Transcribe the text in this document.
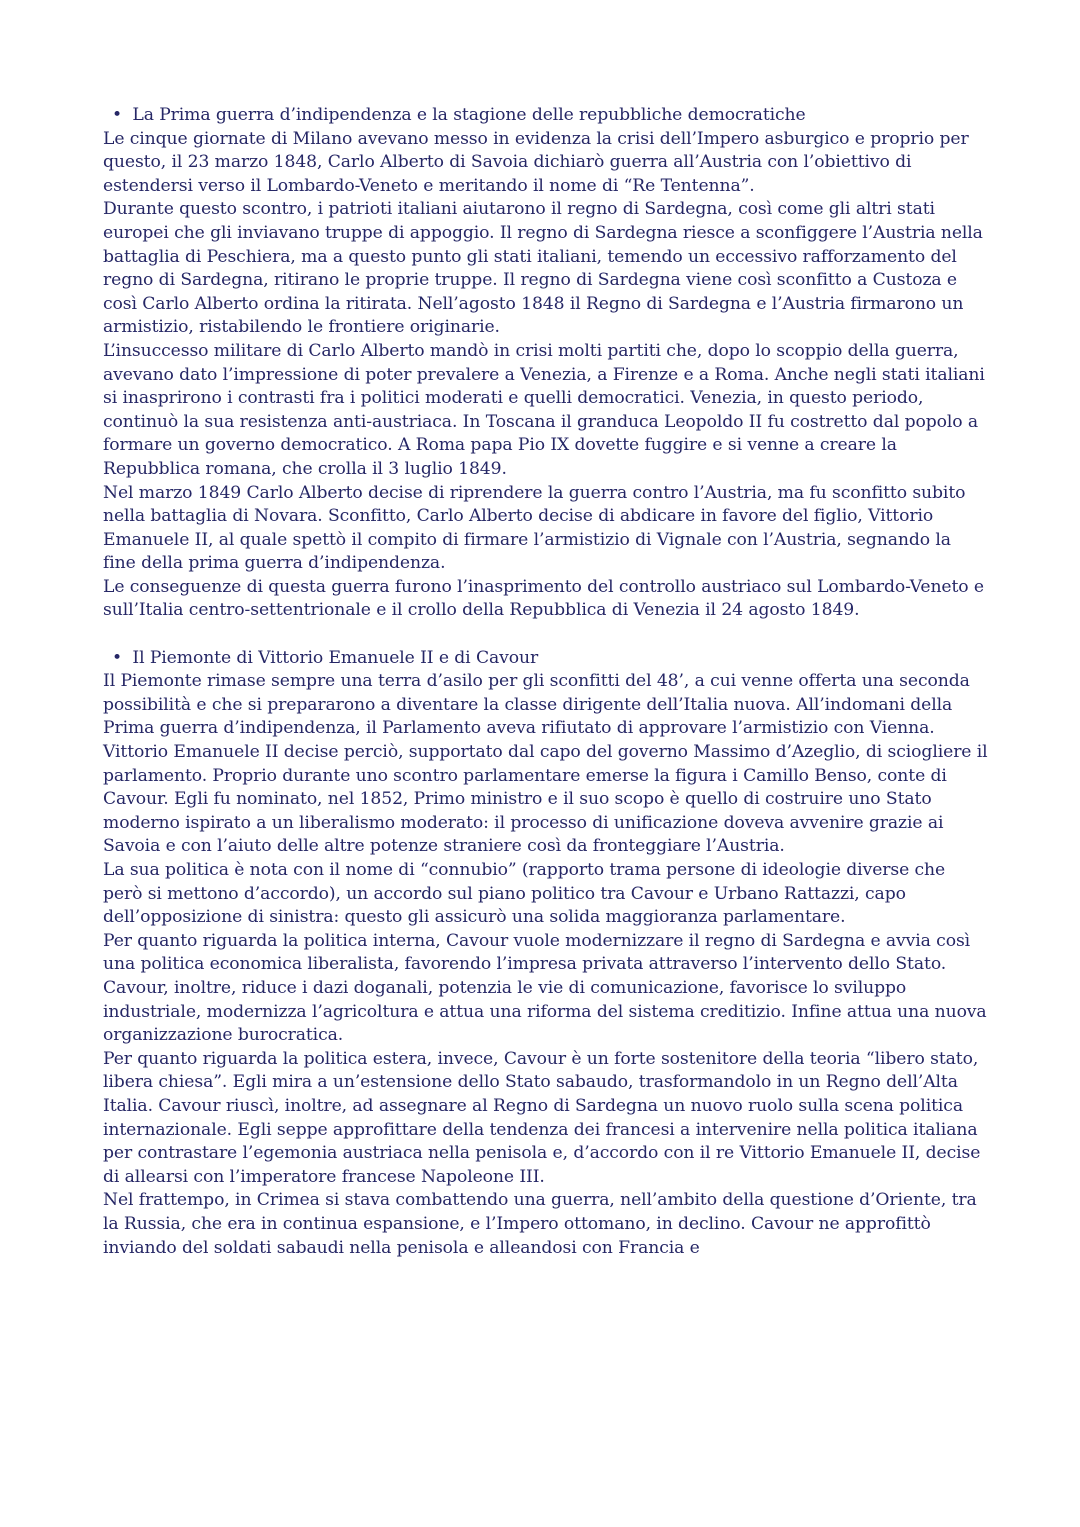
• La Prima guerra d’indipendenza e la stagione delle repubbliche democratiche

Le cinque giornate di Milano avevano messo in evidenza la crisi dell’Impero asburgico e proprio per questo, il 23 marzo 1848, Carlo Alberto di Savoia dichiarò guerra all’Austria con l’obiettivo di estendersi verso il Lombardo-Veneto e meritando il nome di “Re Tentenna”.

Durante questo scontro, i patrioti italiani aiutarono il regno di Sardegna, così come gli altri stati europei che gli inviavano truppe di appoggio. Il regno di Sardegna riesce a sconfiggere l’Austria nella battaglia di Peschiera, ma a questo punto gli stati italiani, temendo un eccessivo rafforzamento del regno di Sardegna, ritirano le proprie truppe. Il regno di Sardegna viene così sconfitto a Custoza e così Carlo Alberto ordina la ritirata. Nell’agosto 1848 il Regno di Sardegna e l’Austria firmarono un armistizio, ristabilendo le frontiere originarie.

L’insuccesso militare di Carlo Alberto mandò in crisi molti partiti che, dopo lo scoppio della guerra, avevano dato l’impressione di poter prevalere a Venezia, a Firenze e a Roma. Anche negli stati italiani si inasprirono i contrasti fra i politici moderati e quelli democratici. Venezia, in questo periodo, continuò la sua resistenza anti-austriaca. In Toscana il granduca Leopoldo II fu costretto dal popolo a formare un governo democratico. A Roma papa Pio IX dovette fuggire e si venne a creare la Repubblica romana, che crolla il 3 luglio 1849.

Nel marzo 1849 Carlo Alberto decise di riprendere la guerra contro l’Austria, ma fu sconfitto subito nella battaglia di Novara. Sconfitto, Carlo Alberto decise di abdicare in favore del figlio, Vittorio Emanuele II, al quale spettò il compito di firmare l’armistizio di Vignale con l’Austria, segnando la fine della prima guerra d’indipendenza.

Le conseguenze di questa guerra furono l’inasprimento del controllo austriaco sul Lombardo-Veneto e sull’Italia centro-settentrionale e il crollo della Repubblica di Venezia il 24 agosto 1849.

• Il Piemonte di Vittorio Emanuele II e di Cavour

Il Piemonte rimase sempre una terra d’asilo per gli sconfitti del 48’, a cui venne offerta una seconda possibilità e che si prepararono a diventare la classe dirigente dell’Italia nuova. All’indomani della Prima guerra d’indipendenza, il Parlamento aveva rifiutato di approvare l’armistizio con Vienna. Vittorio Emanuele II decise perciò, supportato dal capo del governo Massimo d’Azeglio, di sciogliere il parlamento. Proprio durante uno scontro parlamentare emerse la figura i Camillo Benso, conte di Cavour. Egli fu nominato, nel 1852, Primo ministro e il suo scopo è quello di costruire uno Stato moderno ispirato a un liberalismo moderato: il processo di unificazione doveva avvenire grazie ai Savoia e con l’aiuto delle altre potenze straniere così da fronteggiare l’Austria.

La sua politica è nota con il nome di “connubio” (rapporto trama persone di ideologie diverse che però si mettono d’accordo), un accordo sul piano politico tra Cavour e Urbano Rattazzi, capo dell’opposizione di sinistra: questo gli assicurò una solida maggioranza parlamentare.

Per quanto riguarda la politica interna, Cavour vuole modernizzare il regno di Sardegna e avvia così una politica economica liberalista, favorendo l’impresa privata attraverso l’intervento dello Stato. Cavour, inoltre, riduce i dazi doganali, potenzia le vie di comunicazione, favorisce lo sviluppo industriale, modernizza l’agricoltura e attua una riforma del sistema creditizio. Infine attua una nuova organizzazione burocratica.

Per quanto riguarda la politica estera, invece, Cavour è un forte sostenitore della teoria “libero stato, libera chiesa”. Egli mira a un’estensione dello Stato sabaudo, trasformandolo in un Regno dell’Alta Italia. Cavour riuscì, inoltre, ad assegnare al Regno di Sardegna un nuovo ruolo sulla scena politica internazionale. Egli seppe approfittare della tendenza dei francesi a intervenire nella politica italiana per contrastare l’egemonia austriaca nella penisola e, d’accordo con il re Vittorio Emanuele II, decise di allearsi con l’imperatore francese Napoleone III.

Nel frattempo, in Crimea si stava combattendo una guerra, nell’ambito della questione d’Oriente, tra la Russia, che era in continua espansione, e l’Impero ottomano, in declino. Cavour ne approfittò inviando del soldati sabaudi nella penisola e alleandosi con Francia e
